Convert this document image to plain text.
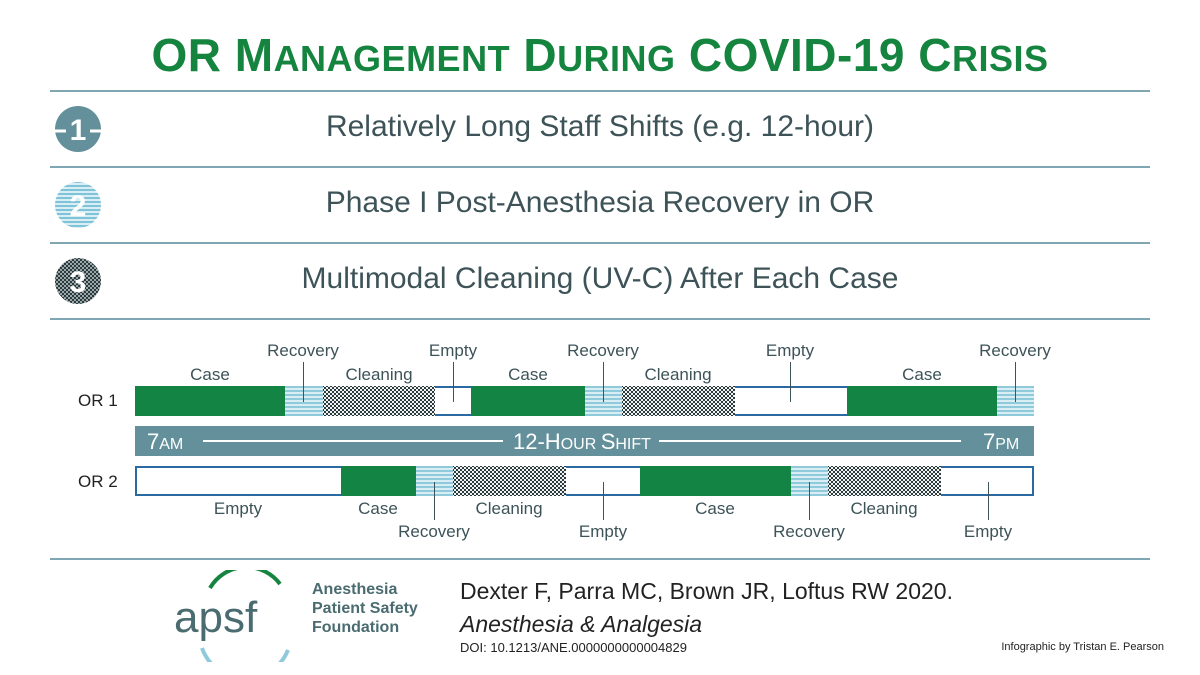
OR MANAGEMENT DURING COVID-19 CRISIS
1	Relatively Long Staff Shifts (e.g. 12-hour)
2	Phase I Post-Anesthesia Recovery in OR
3	Multimodal Cleaning (UV-C) After Each Case
OR 1
OR 2
Case
Recovery
Cleaning
Empty
Case
Recovery
Cleaning
Empty
Case
Recovery
7AM	12-HOUR SHIFT	7PM
Empty	Case
Recovery
Cleaning
Empty
Case
Recovery
Cleaning
Empty
apsf
Anesthesia
Patient Safety
Foundation
Dexter F, Parra MC, Brown JR, Loftus RW 2020.
Anesthesia & Analgesia
DOI: 10.1213/ANE.0000000000004829	Infographic by Tristan E. Pearson
